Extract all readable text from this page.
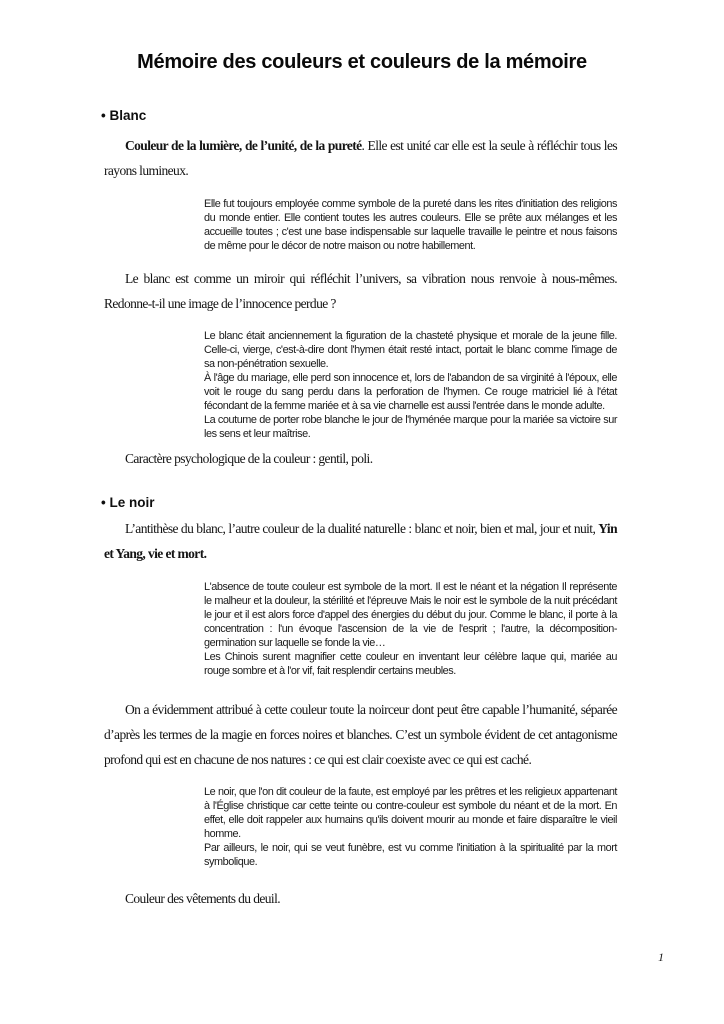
Mémoire des couleurs et couleurs de la mémoire
• Blanc

Couleur de la lumière, de l’unité, de la pureté. Elle est unité car elle est la seule à réfléchir tous les rayons lumineux.

Elle fut toujours employée comme symbole de la pureté dans les rites d'initiation des religions du monde entier. Elle contient toutes les autres couleurs. Elle se prête aux mélanges et les accueille toutes ; c'est une base indispensable sur laquelle travaille le peintre et nous faisons de même pour le décor de notre maison ou notre habillement.

Le blanc est comme un miroir qui réfléchit l’univers, sa vibration nous renvoie à nous-mêmes. Redonne-t-il une image de l’innocence perdue ?

Le blanc était anciennement la figuration de la chasteté physique et morale de la jeune fille. Celle-ci, vierge, c'est-à-dire dont l'hymen était resté intact, portait le blanc comme l'image de sa non-pénétration sexuelle.
À l'âge du mariage, elle perd son innocence et, lors de l'abandon de sa virginité à l'époux, elle voit le rouge du sang perdu dans la perforation de l'hymen. Ce rouge matriciel lié à l'état fécondant de la femme mariée et à sa vie charnelle est aussi l'entrée dans le monde adulte.
La coutume de porter robe blanche le jour de l'hyménée marque pour la mariée sa victoire sur les sens et leur maîtrise.

Caractère psychologique de la couleur : gentil, poli.

• Le noir

L’antithèse du blanc, l’autre couleur de la dualité naturelle : blanc et noir, bien et mal, jour et nuit, Yin et Yang, vie et mort.

L'absence de toute couleur est symbole de la mort. Il est le néant et la négation Il représente le malheur et la douleur, la stérilité et l'épreuve Mais le noir est le symbole de la nuit précédant le jour et il est alors force d'appel des énergies du début du jour. Comme le blanc, il porte à la concentration : l'un évoque l'ascension de la vie de l'esprit ; l'autre, la décomposition-germination sur laquelle se fonde la vie…
Les Chinois surent magnifier cette couleur en inventant leur célèbre laque qui, mariée au rouge sombre et à l'or vif, fait resplendir certains meubles.

On a évidemment attribué à cette couleur toute la noirceur dont peut être capable l’humanité, séparée d’après les termes de la magie en forces noires et blanches. C’est un symbole évident de cet antagonisme profond qui est en chacune de nos natures : ce qui est clair coexiste avec ce qui est caché.

Le noir, que l'on dit couleur de la faute, est employé par les prêtres et les religieux appartenant à l'Église christique car cette teinte ou contre-couleur est symbole du néant et de la mort. En effet, elle doit rappeler aux humains qu'ils doivent mourir au monde et faire disparaître le vieil homme.
Par ailleurs, le noir, qui se veut funèbre, est vu comme l'initiation à la spiritualité par la mort symbolique.

Couleur des vêtements du deuil.

1
